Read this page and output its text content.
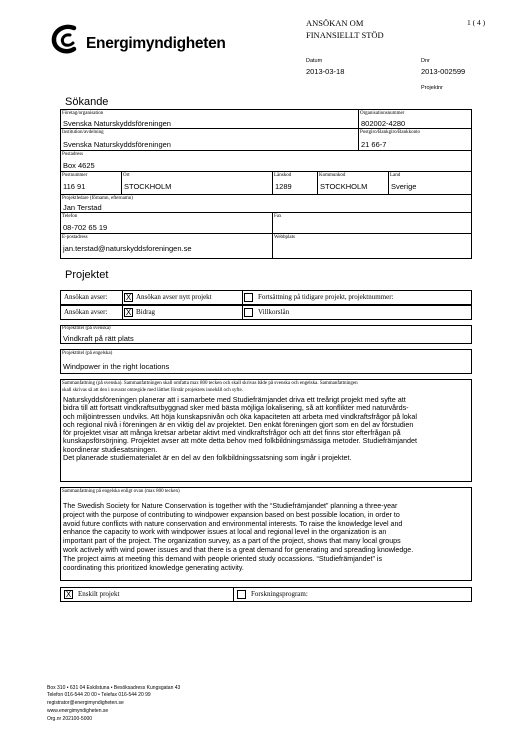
Energimyndigheten
ANSÖKAN OM
FINANSIELLT STÖD
1 ( 4 )
Datum
2013-03-18
Dnr
2013-002599
Projektnr
Sökande
Företag/organisation
Svenska Naturskyddsföreningen
Organisationsnummer
802002-4280
Institution/avdelning
Svenska Naturskyddsföreningen
Postgiro/Bankgiro/Bankkonto
21 66-7
Postadress
Box 4625
Postnummer
116 91
Ort
STOCKHOLM
Länskod
1289
Kommunkod
STOCKHOLM
Land
Sverige
Projektledare (förnamn, efternamn)
Jan Terstad
Telefon
08-702 65 19
Fax
E-postadress
jan.terstad@naturskyddsforeningen.se
Webbplats
Projektet
Ansökan avser: X Ansökan avser nytt projekt	Fortsättning på tidigare projekt, projektnummer:
Ansökan avser: X Bidrag	Villkorslån
Projekttitel (på svenska)
Vindkraft på rätt plats
Projekttitel (på engelska)
Windpower in the right locations
Sammanfattning (på svenska). Sammanfattningen skall omfatta max 800 tecken och skall skrivas både på svenska och engelska. Sammanfattningen
skall skrivas så att den i nuvarat omregide med lätthet förstår projektets innehåll och syfte.
Naturskyddsföreningen planerar att i samarbete med Studiefrämjandet driva ett treårigt projekt med syfte att
bidra till att fortsatt vindkraftsutbyggnad sker med bästa möjliga lokalisering, så att konflikter med naturvårds-
och miljöintressen undviks. Att höja kunskapsnivån och öka kapaciteten att arbeta med vindkraftsfrågor på lokal
och regional nivå i föreningen är en viktig del av projektet. Den enkät föreningen gjort som en del av förstudien
för projektet visar att många kretsar arbetar aktivt med vindkraftsfrågor och att det finns stor efterfrågan på
kunskapsförsörjning. Projektet avser att möte detta behov med folkbildningsmässiga metoder. Studiefrämjandet
koordinerar studiesatsningen.
Det planerade studiematerialet är en del av den folkbildningssatsning som ingår i projektet.
Sammanfattning på engelska enligt ovan (max 800 tecken)
The Swedish Society for Nature Conservation is together with the “Studiefrämjandet” planning a three-year
project with the purpose of contributing to windpower expansion based on best possible location, in order to
avoid future conflicts with nature conservation and environmental interests. To raise the knowledge level and
enhance the capacity to work with windpower issues at local and regional level in the organization is an
important part of the project. The organization survey, as a part of the project, shows that many local groups
work actively with wind power issues and that there is a great demand for generating and spreading knowledge.
The project aims at meeting this demand with people oriented study occassions. “Studiefrämjandet” is
coordinating this prioritized knowledge generating activity.
X Enskilt projekt	Forskningsprogram:
Box 310 • 631 04 Eskilstuna • Besöksadress Kungsgatan 43
Telefon 016-544 20 00 • Telefax 016-544 20 99
registrator@energimyndigheten.se
www.energimyndigheten.se
Org.nr 202100-5000
